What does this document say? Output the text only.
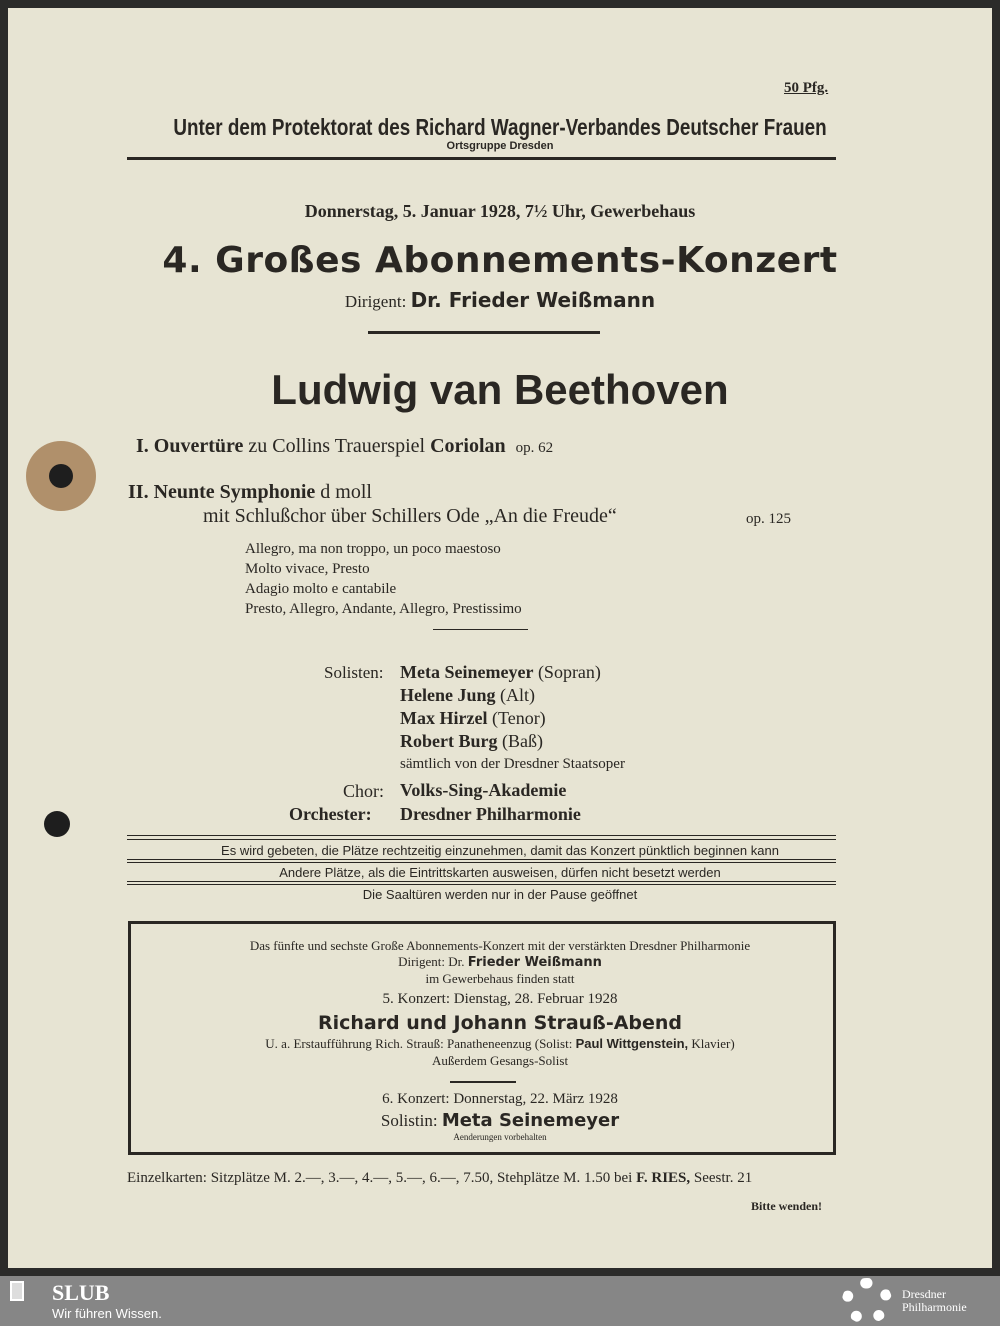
50 Pfg.
Unter dem Protektorat des Richard Wagner-Verbandes Deutscher Frauen
Ortsgruppe Dresden
Donnerstag, 5. Januar 1928, 7½ Uhr, Gewerbehaus
4. Großes Abonnements-Konzert
Dirigent: Dr. Frieder Weißmann
Ludwig van Beethoven
I. Ouvertüre zu Collins Trauerspiel Coriolan op. 62
II. Neunte Symphonie d moll
mit Schlußchor über Schillers Ode „An die Freude“	op. 125
Allegro, ma non troppo, un poco maestoso
Molto vivace, Presto
Adagio molto e cantabile
Presto, Allegro, Andante, Allegro, Prestissimo
Solisten: Meta Seinemeyer (Sopran)
Helene Jung (Alt)
Max Hirzel (Tenor)
Robert Burg (Baß)
sämtlich von der Dresdner Staatsoper
Chor: Volks-Sing-Akademie
Orchester: Dresdner Philharmonie
Es wird gebeten, die Plätze rechtzeitig einzunehmen, damit das Konzert pünktlich beginnen kann
Andere Plätze, als die Eintrittskarten ausweisen, dürfen nicht besetzt werden
Die Saaltüren werden nur in der Pause geöffnet
Das fünfte und sechste Große Abonnements-Konzert mit der verstärkten Dresdner Philharmonie
Dirigent: Dr. Frieder Weißmann
im Gewerbehaus finden statt
5. Konzert: Dienstag, 28. Februar 1928
Richard und Johann Strauß-Abend
U. a. Erstaufführung Rich. Strauß: Panatheneenzug (Solist: Paul Wittgenstein, Klavier)
Außerdem Gesangs-Solist
6. Konzert: Donnerstag, 22. März 1928
Solistin: Meta Seinemeyer
Aenderungen vorbehalten
Einzelkarten: Sitzplätze M. 2.—, 3.—, 4.—, 5.—, 6.—, 7.50, Stehplätze M. 1.50 bei F. RIES, Seestr. 21
Bitte wenden!
SLUB
Wir führen Wissen.
Dresdner
Philharmonie
